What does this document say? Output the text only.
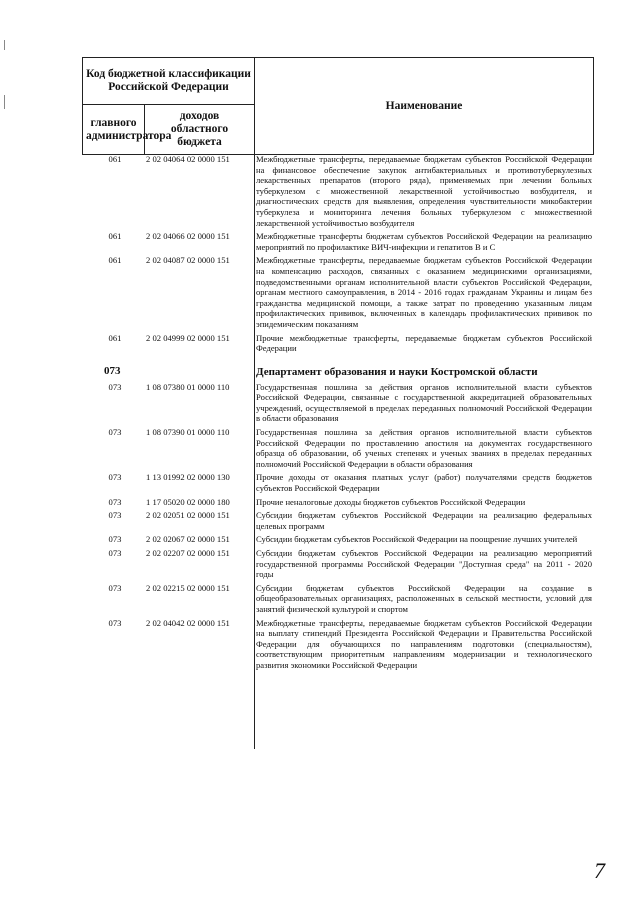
Код бюджетной классификации Российской Федерации		Наименование
главного администратора	доходов областного бюджета	
061	2 02 04064 02 0000 151	Межбюджетные трансферты, передаваемые бюджетам субъектов Российской Федерации на финансовое обеспечение закупок антибактериальных и противотуберкулезных лекарственных препаратов (второго ряда), применяемых при лечении больных туберкулезом с множественной лекарственной устойчивостью возбудителя, и диагностических средств для выявления, определения чувствительности микобактерии туберкулеза и мониторинга лечения больных туберкулезом с множественной лекарственной устойчивостью возбудителя
061	2 02 04066 02 0000 151	Межбюджетные трансферты бюджетам субъектов Российской Федерации на реализацию мероприятий по профилактике ВИЧ-инфекции и гепатитов В и С
061	2 02 04087 02 0000 151	Межбюджетные трансферты, передаваемые бюджетам субъектов Российской Федерации на компенсацию расходов, связанных с оказанием медицинскими организациями, подведомственными органам исполнительной власти субъектов Российской Федерации, органам местного самоуправления, в 2014 - 2016 годах гражданам Украины и лицам без гражданства медицинской помощи, а также затрат по проведению указанным лицам профилактических прививок, включенных в календарь профилактических прививок по эпидемическим показаниям
061	2 02 04999 02 0000 151	Прочие межбюджетные трансферты, передаваемые бюджетам субъектов Российской Федерации
073	Департамент образования и науки Костромской области
073	1 08 07380 01 0000 110	Государственная пошлина за действия органов исполнительной власти субъектов Российской Федерации, связанные с государственной аккредитацией образовательных учреждений, осуществляемой в пределах переданных полномочий Российской Федерации в области образования
073	1 08 07390 01 0000 110	Государственная пошлина за действия органов исполнительной власти субъектов Российской Федерации по проставлению апостиля на документах государственного образца об образовании, об ученых степенях и ученых званиях в пределах переданных полномочий Российской Федерации в области образования
073	1 13 01992 02 0000 130	Прочие доходы от оказания платных услуг (работ) получателями средств бюджетов субъектов Российской Федерации
073	1 17 05020 02 0000 180	Прочие неналоговые доходы бюджетов субъектов Российской Федерации
073	2 02 02051 02 0000 151	Субсидии бюджетам субъектов Российской Федерации на реализацию федеральных целевых программ
073	2 02 02067 02 0000 151	Субсидии бюджетам субъектов Российской Федерации на поощрение лучших учителей
073	2 02 02207 02 0000 151	Субсидии бюджетам субъектов Российской Федерации на реализацию мероприятий государственной программы Российской Федерации "Доступная среда" на 2011 - 2020 годы
073	2 02 02215 02 0000 151	Субсидии бюджетам субъектов Российской Федерации на создание в общеобразовательных организациях, расположенных в сельской местности, условий для занятий физической культурой и спортом
073	2 02 04042 02 0000 151	Межбюджетные трансферты, передаваемые бюджетам субъектов Российской Федерации на выплату стипендий Президента Российской Федерации и Правительства Российской Федерации для обучающихся по направлениям подготовки (специальностям), соответствующим приоритетным направлениям модернизации и технологического развития экономики Российской Федерации
7
